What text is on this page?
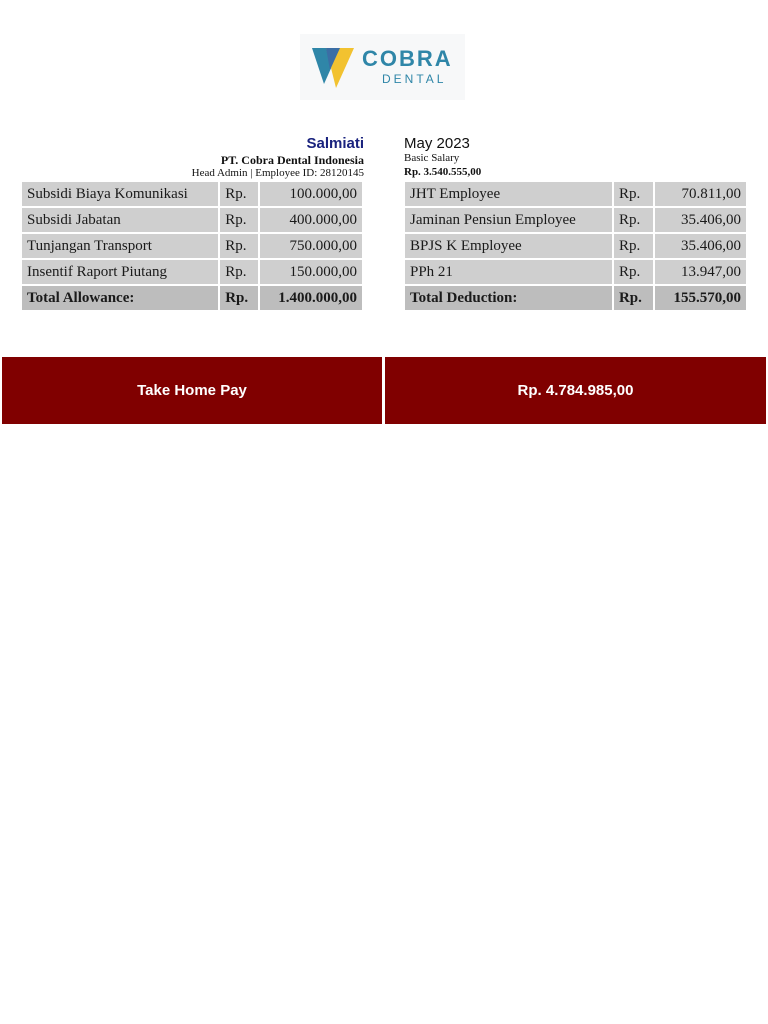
COBRA
DENTAL
Salmiati
PT. Cobra Dental Indonesia
Head Admin | Employee ID: 28120145
May 2023
Basic Salary
Rp. 3.540.555,00
Subsidi Biaya Komunikasi	Rp.	100.000,00
Subsidi Jabatan	Rp.	400.000,00
Tunjangan Transport	Rp.	750.000,00
Insentif Raport Piutang	Rp.	150.000,00
Total Allowance:	Rp.	1.400.000,00
JHT Employee	Rp.	70.811,00
Jaminan Pensiun Employee	Rp.	35.406,00
BPJS K Employee	Rp.	35.406,00
PPh 21	Rp.	13.947,00
Total Deduction:	Rp.	155.570,00
Take Home Pay	Rp. 4.784.985,00
